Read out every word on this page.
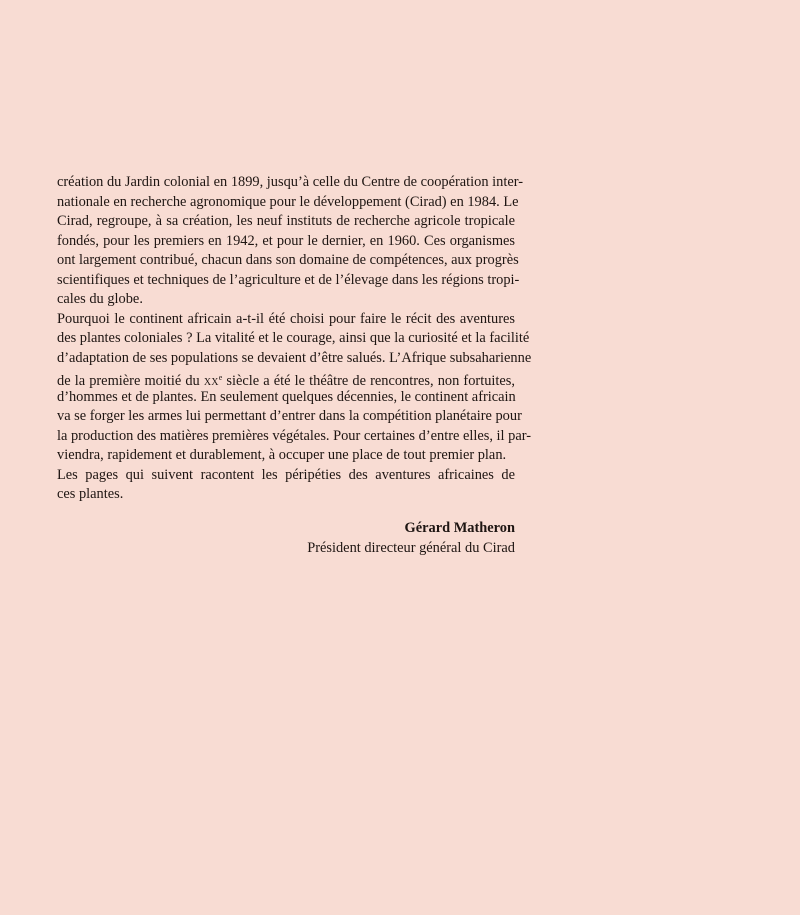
création du Jardin colonial en 1899, jusqu’à celle du Centre de coopération inter-
nationale en recherche agronomique pour le développement (Cirad) en 1984. Le
Cirad, regroupe, à sa création, les neuf instituts de recherche agricole tropicale
fondés, pour les premiers en 1942, et pour le dernier, en 1960. Ces organismes
ont largement contribué, chacun dans son domaine de compétences, aux progrès
scientifiques et techniques de l’agriculture et de l’élevage dans les régions tropi-
cales du globe.
Pourquoi le continent africain a-t-il été choisi pour faire le récit des aventures
des plantes coloniales ? La vitalité et le courage, ainsi que la curiosité et la facilité
d’adaptation de ses populations se devaient d’être salués. L’Afrique subsaharienne
de la première moitié du $xx^e$ siècle a été le théâtre de rencontres, non fortuites,
d’hommes et de plantes. En seulement quelques décennies, le continent africain
va se forger les armes lui permettant d’entrer dans la compétition planétaire pour
la production des matières premières végétales. Pour certaines d’entre elles, il par-
viendra, rapidement et durablement, à occuper une place de tout premier plan.
Les pages qui suivent racontent les péripéties des aventures africaines de
ces plantes.
Gérard Matheron
Président directeur général du Cirad
